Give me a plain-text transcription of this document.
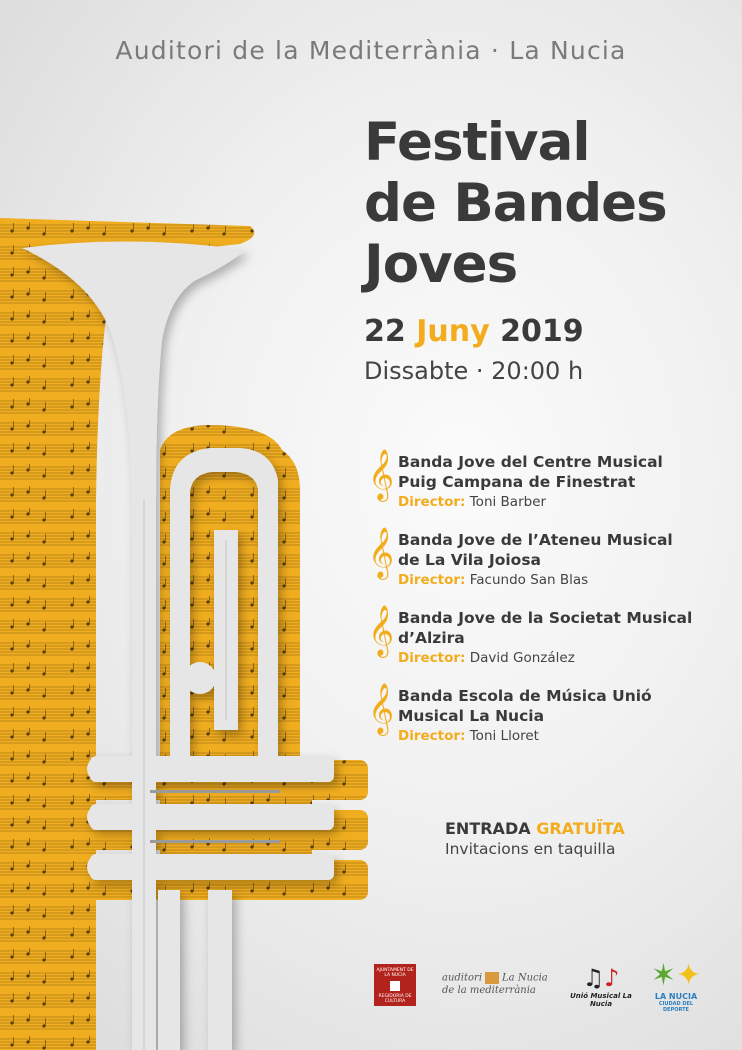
Auditori de la Mediterrània · La Nucia
Festival
de Bandes
Joves
22 Juny 2019
Dissabte · 20:00 h
𝄞 Banda Jove del Centre Musical
Puig Campana de Finestrat
Director: Toni Barber
𝄞 Banda Jove de l’Ateneu Musical
de La Vila Joiosa
Director: Facundo San Blas
𝄞 Banda Jove de la Societat Musical
d’Alzira
Director: David González
𝄞 Banda Escola de Música Unió
Musical La Nucia
Director: Toni Lloret
ENTRADA GRATUÏTA
Invitacions en taquilla
AJUNTAMENT DE
LA NUCIA
REGIDORIA DE
CULTURA
auditori La Nucia
de la mediterrània	♫♪
Unió Musical La Nucia
✶✦
LA NUCIA
CIUDAD DEL DEPORTE
